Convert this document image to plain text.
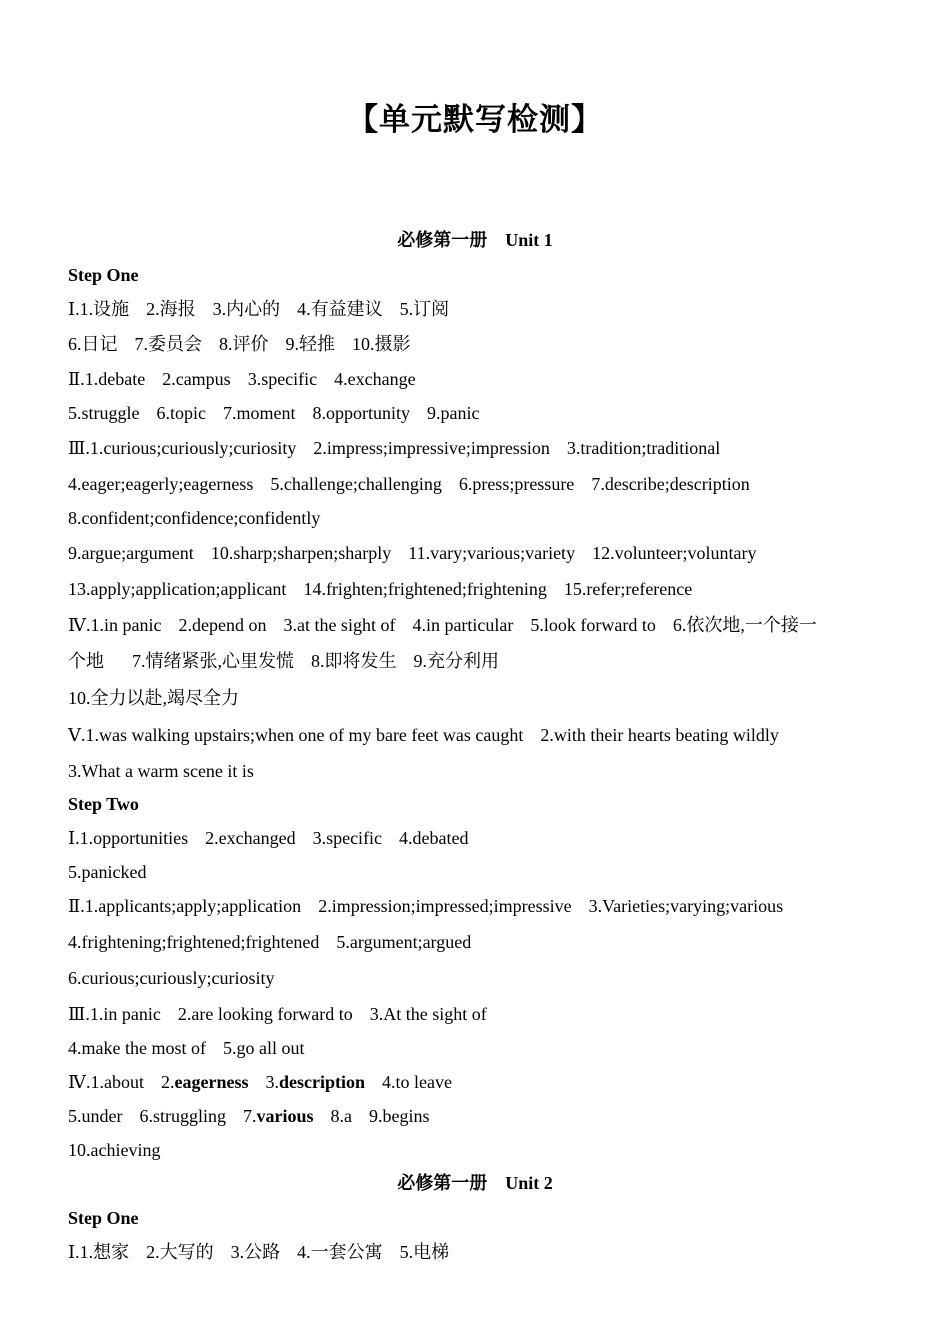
【单元默写检测】
必修第一册　Unit 1
Step One
Ⅰ.1.设施 2.海报 3.内心的 4.有益建议 5.订阅
6.日记 7.委员会 8.评价 9.轻推 10.摄影
Ⅱ.1.debate 2.campus 3.specific 4.exchange
5.struggle 6.topic 7.moment 8.opportunity 9.panic
Ⅲ.1.curious;curiously;curiosity 2.impress;impressive;impression 3.tradition;traditional
4.eager;eagerly;eagerness 5.challenge;challenging 6.press;pressure 7.describe;description
8.confident;confidence;confidently
9.argue;argument 10.sharp;sharpen;sharply 11.vary;various;variety 12.volunteer;voluntary
13.apply;application;applicant 14.frighten;frightened;frightening 15.refer;reference
Ⅳ.1.in panic 2.depend on 3.at the sight of 4.in particular 5.look forward to 6.依次地,一个接一
个地 7.情绪紧张,心里发慌 8.即将发生 9.充分利用
10.全力以赴,竭尽全力
Ⅴ.1.was walking upstairs;when one of my bare feet was caught 2.with their hearts beating wildly
3.What a warm scene it is
Step Two
Ⅰ.1.opportunities 2.exchanged 3.specific 4.debated
5.panicked
Ⅱ.1.applicants;apply;application 2.impression;impressed;impressive 3.Varieties;varying;various
4.frightening;frightened;frightened 5.argument;argued
6.curious;curiously;curiosity
Ⅲ.1.in panic 2.are looking forward to 3.At the sight of
4.make the most of 5.go all out
Ⅳ.1.about 2.eagerness 3.description 4.to leave
5.under 6.struggling 7.various 8.a 9.begins
10.achieving
必修第一册　Unit 2
Step One
Ⅰ.1.想家 2.大写的 3.公路 4.一套公寓 5.电梯
